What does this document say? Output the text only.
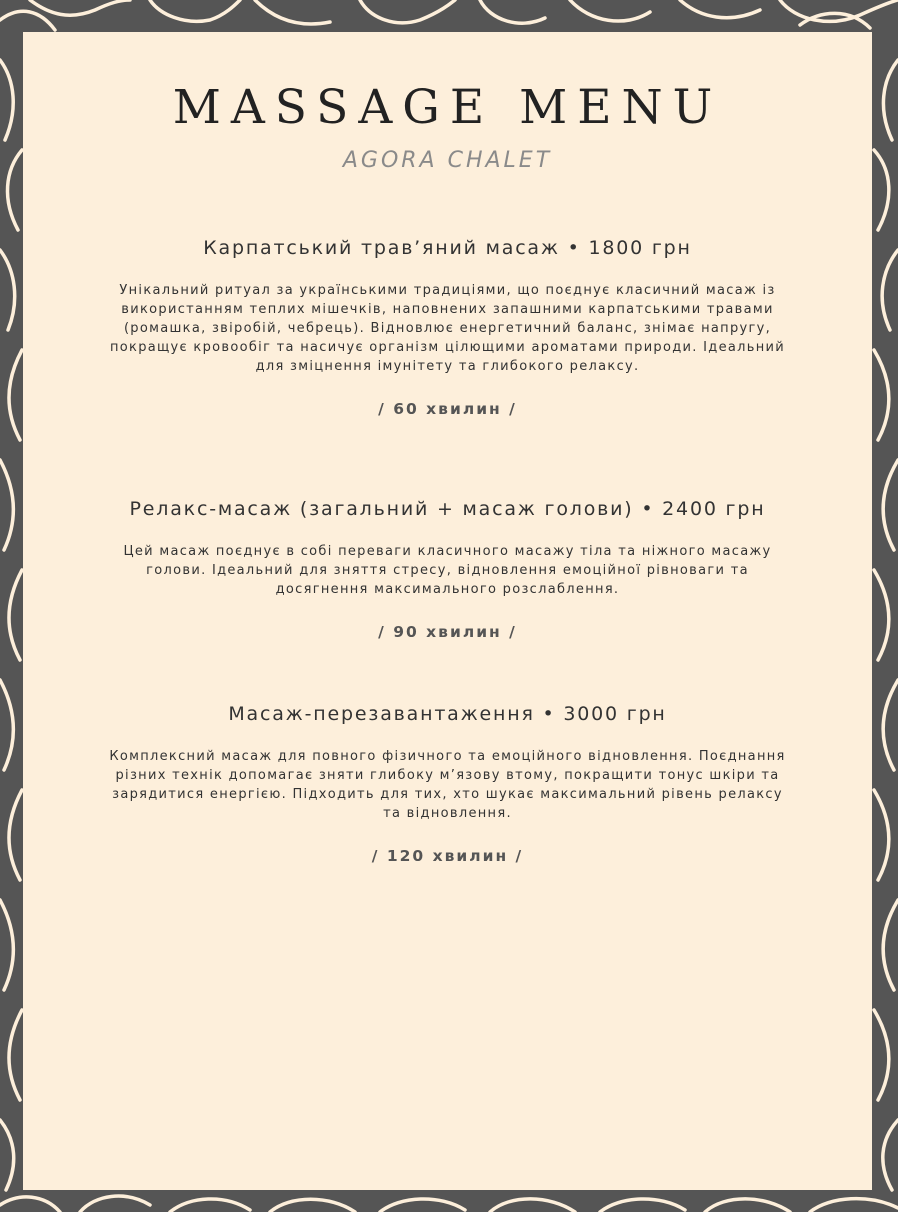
MASSAGE MENU
AGORA CHALET
Карпатський трав’яний масаж • 1800 грн
Унікальний ритуал за українськими традиціями, що поєднує класичний масаж із використанням теплих мішечків, наповнених запашними карпатськими травами (ромашка, звіробій, чебрець). Відновлює енергетичний баланс, знімає напругу, покращує кровообіг та насичує організм цілющими ароматами природи. Ідеальний для зміцнення імунітету та глибокого релаксу.
/ 60 хвилин /
Релакс-масаж (загальний + масаж голови) • 2400 грн
Цей масаж поєднує в собі переваги класичного масажу тіла та ніжного масажу голови. Ідеальний для зняття стресу, відновлення емоційної рівноваги та досягнення максимального розслаблення.
/ 90 хвилин /
Масаж-перезавантаження • 3000 грн
Комплексний масаж для повного фізичного та емоційного відновлення. Поєднання різних технік допомагає зняти глибоку м’язову втому, покращити тонус шкіри та зарядитися енергією. Підходить для тих, хто шукає максимальний рівень релаксу та відновлення.
/ 120 хвилин /
